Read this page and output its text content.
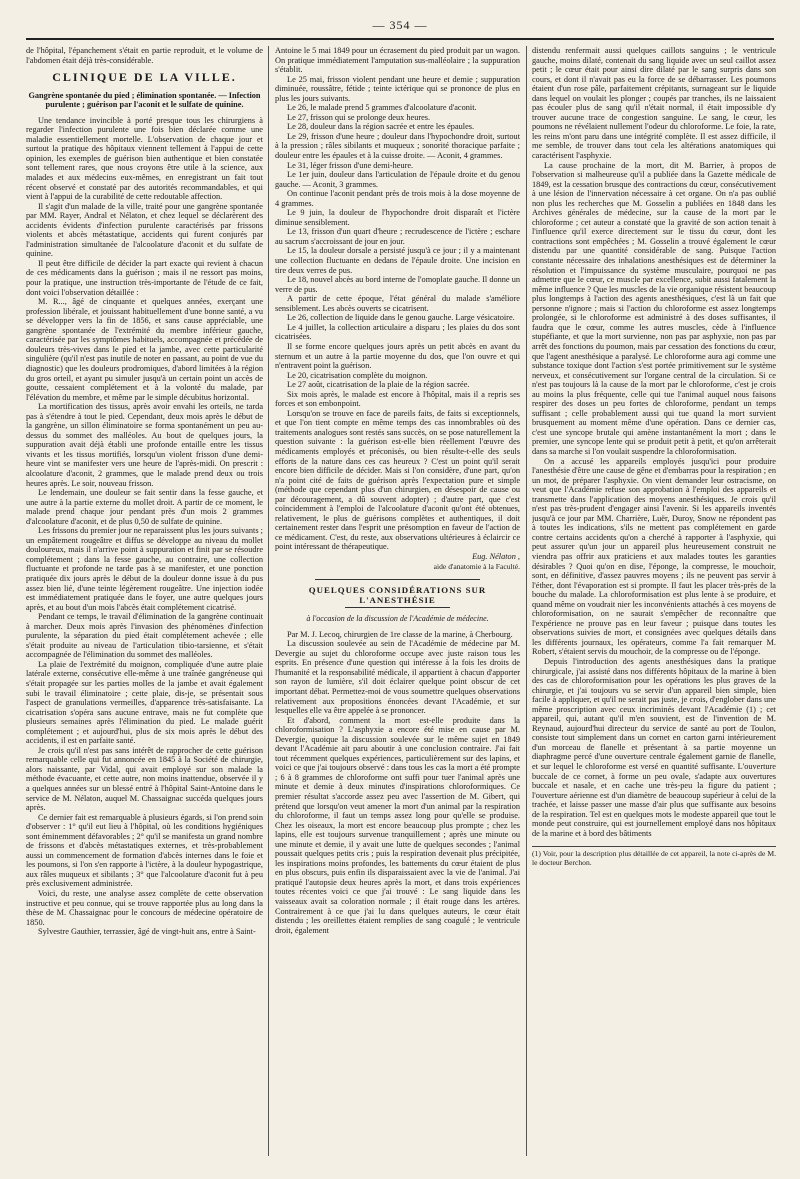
— 354 —

de l'hôpital, l'épanchement s'était en partie reproduit, et le volume de l'abdomen était déjà très-considérable.

CLINIQUE DE LA VILLE.

Gangrène spontanée du pied ; élimination spontanée. — Infection purulente ; guérison par l'aconit et le sulfate de quinine.

Une tendance invincible à porté presque tous les chirurgiens à regarder l'infection purulente une fois bien déclarée comme une maladie essentiellement mortelle. L'observation de chaque jour et surtout la pratique des hôpitaux viennent tellement à l'appui de cette opinion, les exemples de guérison bien authentique et bien constatée sont tellement rares, que nous croyons être utile à la science, aux malades et aux médecins eux-mêmes, en enregistrant un fait tout récent observé et constaté par des autorités recommandables, et qui vient à l'appui de la curabilité de cette redoutable affection.

Il s'agit d'un malade de la ville, traité pour une gangrène spontanée par MM. Rayer, Andral et Nélaton, et chez lequel se déclarèrent des accidents évidents d'infection purulente caractérisés par frissons violents et abcès métastatique, accidents qui furent conjurés par l'administration simultanée de l'alcoolature d'aconit et du sulfate de quinine.

Il peut être difficile de décider la part exacte qui revient à chacun de ces médicaments dans la guérison ; mais il ne ressort pas moins, pour la pratique, une instruction très-importante de l'étude de ce fait, dont voici l'observation détaillée :

M. R..., âgé de cinquante et quelques années, exerçant une profession libérale, et jouissant habituellement d'une bonne santé, a vu se développer vers la fin de 1856, et sans cause appréciable, une gangrène spontanée de l'extrémité du membre inférieur gauche, caractérisée par les symptômes habituels, accompagnée et précédée de douleurs très-vives dans le pied et la jambe, avec cette particularité singulière (qu'il n'est pas inutile de noter en passant, au point de vue du diagnostic) que les douleurs prodromiques, d'abord limitées à la région du gros orteil, et ayant pu simuler jusqu'à un certain point un accès de goutte, cessaient complétement et à la volonté du malade, par l'élévation du membre, et même par le simple décubitus horizontal.

La mortification des tissus, après avoir envahi les orteils, ne tarda pas à s'étendre à tout le pied. Cependant, deux mois après le début de la gangrène, un sillon éliminatoire se forma spontanément un peu au-dessus du sommet des malléoles. Au bout de quelques jours, la suppuration avait déjà établi une profonde entaille entre les tissus vivants et les tissus mortifiés, lorsqu'un violent frisson d'une demi-heure vint se manifester vers une heure de l'après-midi. On prescrit : alcoolature d'aconit, 2 grammes, que le malade prend deux ou trois heures après. Le soir, nouveau frisson.

Le lendemain, une douleur se fait sentir dans la fesse gauche, et une autre à la partie externe du mollet droit. A partir de ce moment, le malade prend chaque jour pendant près d'un mois 2 grammes d'alcoolature d'aconit, et de plus 0,50 de sulfate de quinine.

Les frissons du premier jour ne reparaissent plus les jours suivants ; un empâtement rougeâtre et diffus se développe au niveau du mollet douloureux, mais il n'arrive point à suppuration et finit par se résoudre complétement ; dans la fesse gauche, au contraire, une collection fluctuante et profonde ne tarde pas à se manifester, et une ponction pratiquée dix jours après le début de la douleur donne issue à du pus assez bien lié, d'une teinte légèrement rougeâtre. Une injection iodée est immédiatement pratiquée dans le foyer, une autre quelques jours après, et au bout d'un mois l'abcès était complétement cicatrisé.

Pendant ce temps, le travail d'élimination de la gangrène continuait à marcher. Deux mois après l'invasion des phénomènes d'infection purulente, la séparation du pied était complétement achevée ; elle s'était produite au niveau de l'articulation tibio-tarsienne, et s'était accompagnée de l'élimination du sommet des malléoles.

La plaie de l'extrémité du moignon, compliquée d'une autre plaie latérale externe, consécutive elle-même à une traînée gangréneuse qui s'était propagée sur les parties molles de la jambe et avait également subi le travail éliminatoire ; cette plaie, dis-je, se présentait sous l'aspect de granulations vermeilles, d'apparence très-satisfaisante. La cicatrisation s'opéra sans aucune entrave, mais ne fut complète que plusieurs semaines après l'élimination du pied. Le malade guérit complétement ; et aujourd'hui, plus de six mois après le début des accidents, il est en parfaite santé.

Je crois qu'il n'est pas sans intérêt de rapprocher de cette guérison remarquable celle qui fut annoncée en 1845 à la Société de chirurgie, alors naissante, par Vidal, qui avait employé sur son malade la méthode évacuante, et cette autre, non moins inattendue, observée il y a quelques années sur un blessé entré à l'hôpital Saint-Antoine dans le service de M. Nélaton, auquel M. Chassaignac succéda quelques jours après.

Ce dernier fait est remarquable à plusieurs égards, si l'on prend soin d'observer : 1° qu'il eut lieu à l'hôpital, où les conditions hygiéniques sont éminemment défavorables ; 2° qu'il se manifesta un grand nombre de frissons et d'abcès métastatiques externes, et très-probablement aussi un commencement de formation d'abcès internes dans le foie et les poumons, si l'on s'en rapporte à l'ictère, à la douleur hypogastrique, aux râles muqueux et sibilants ; 3° que l'alcoolature d'aconit fut à peu près exclusivement administrée.

Voici, du reste, une analyse assez complète de cette observation instructive et peu connue, qui se trouve rapportée plus au long dans la thèse de M. Chassaignac pour le concours de médecine opératoire de 1850.

Sylvestre Gauthier, terrassier, âgé de vingt-huit ans, entre à Saint-

Antoine le 5 mai 1849 pour un écrasement du pied produit par un wagon. On pratique immédiatement l'amputation sus-malléolaire ; la suppuration s'établit.

Le 25 mai, frisson violent pendant une heure et demie ; suppuration diminuée, roussâtre, fétide ; teinte ictérique qui se prononce de plus en plus les jours suivants.

Le 26, le malade prend 5 grammes d'alcoolature d'aconit.

Le 27, frisson qui se prolonge deux heures.

Le 28, douleur dans la région sacrée et entre les épaules.

Le 29, frisson d'une heure ; douleur dans l'hypochondre droit, surtout à la pression ; râles sibilants et muqueux ; sonorité thoracique parfaite ; douleur entre les épaules et à la cuisse droite. — Aconit, 4 grammes.

Le 31, léger frisson d'une demi-heure.

Le 1er juin, douleur dans l'articulation de l'épaule droite et du genou gauche. — Aconit, 3 grammes.

On continue l'aconit pendant près de trois mois à la dose moyenne de 4 grammes.

Le 9 juin, la douleur de l'hypochondre droit disparaît et l'ictère diminue sensiblement.

Le 13, frisson d'un quart d'heure ; recrudescence de l'ictère ; eschare au sacrum s'accroissant de jour en jour.

Le 15, la douleur dorsale a persisté jusqu'à ce jour ; il y a maintenant une collection fluctuante en dedans de l'épaule droite. Une incision en tire deux verres de pus.

Le 18, nouvel abcès au bord interne de l'omoplate gauche. Il donne un verre de pus.

A partir de cette époque, l'état général du malade s'améliore sensiblement. Les abcès ouverts se cicatrisent.

Le 26, collection de liquide dans le genou gauche. Large vésicatoire.

Le 4 juillet, la collection articulaire a disparu ; les plaies du dos sont cicatrisées.

Il se forme encore quelques jours après un petit abcès en avant du sternum et un autre à la partie moyenne du dos, que l'on ouvre et qui n'entravent point la guérison.

Le 20, cicatrisation complète du moignon.

Le 27 août, cicatrisation de la plaie de la région sacrée.

Six mois après, le malade est encore à l'hôpital, mais il a repris ses forces et son embonpoint.

Lorsqu'on se trouve en face de pareils faits, de faits si exceptionnels, et que l'on tient compte en même temps des cas innombrables où des traitements analogues sont restés sans succès, on se pose naturellement la question suivante : la guérison est-elle bien réellement l'œuvre des médicaments employés et préconisés, ou bien résulte-t-elle des seuls efforts de la nature dans ces cas heureux ? C'est un point qu'il serait encore bien difficile de décider. Mais si l'on considère, d'une part, qu'on n'a point cité de faits de guérison après l'expectation pure et simple (méthode que cependant plus d'un chirurgien, en désespoir de cause ou par découragement, a dû souvent adopter) ; d'autre part, que c'est coïncidemment à l'emploi de l'alcoolature d'aconit qu'ont été obtenues, relativement, le plus de guérisons complètes et authentiques, il doit certainement rester dans l'esprit une présomption en faveur de l'action de ce médicament. C'est, du reste, aux observations ultérieures à éclaircir ce point intéressant de thérapeutique.

Eug. Nélaton ,

aide d'anatomie à la Faculté.

QUELQUES CONSIDÉRATIONS SUR L'ANESTHÉSIE
à l'occasion de la discussion de l'Académie de médecine.

Par M. J. Lecoq, chirurgien de 1re classe de la marine, à Cherbourg.

La discussion soulevée au sein de l'Académie de médecine par M. Devergie au sujet du chloroforme occupe avec juste raison tous les esprits. En présence d'une question qui intéresse à la fois les droits de l'humanité et la responsabilité médicale, il appartient à chacun d'apporter son rayon de lumière, s'il doit éclairer quelque point obscur de cet important débat. Permettez-moi de vous soumettre quelques observations relativement aux propositions énoncées devant l'Académie, et sur lesquelles elle va être appelée à se prononcer.

Et d'abord, comment la mort est-elle produite dans la chloroformisation ? L'asphyxie a encore été mise en cause par M. Devergie, quoique la discussion soulevée sur le même sujet en 1849 devant l'Académie ait paru aboutir à une conclusion contraire. J'ai fait tout récemment quelques expériences, particulièrement sur des lapins, et voici ce que j'ai toujours observé : dans tous les cas la mort a été prompte ; 6 à 8 grammes de chloroforme ont suffi pour tuer l'animal après une minute et demie à deux minutes d'inspirations chloroformiques. Ce premier résultat s'accorde assez peu avec l'assertion de M. Gibert, qui prétend que lorsqu'on veut amener la mort d'un animal par la respiration du chloroforme, il faut un temps assez long pour qu'elle se produise. Chez les oiseaux, la mort est encore beaucoup plus prompte ; chez les lapins, elle est toujours survenue tranquillement ; après une minute ou une minute et demie, il y avait une lutte de quelques secondes ; l'animal poussait quelques petits cris ; puis la respiration devenait plus précipitée, les inspirations moins profondes, les battements du cœur étaient de plus en plus obscurs, puis enfin ils disparaissaient avec la vie de l'animal. J'ai pratiqué l'autopsie deux heures après la mort, et dans trois expériences toutes récentes voici ce que j'ai trouvé : Le sang liquide dans les vaisseaux avait sa coloration normale ; il était rouge dans les artères. Contrairement à ce que j'ai lu dans quelques auteurs, le cœur était distendu ; les oreillettes étaient remplies de sang coagulé ; le ventricule droit, également

distendu renfermait aussi quelques caillots sanguins ; le ventricule gauche, moins dilaté, contenait du sang liquide avec un seul caillot assez petit ; le cœur était pour ainsi dire dilaté par le sang surpris dans son cours, et dont il n'avait pas eu la force de se débarrasser. Les poumons étaient d'un rose pâle, parfaitement crépitants, surnageant sur le liquide dans lequel on voulait les plonger ; coupés par tranches, ils ne laissaient pas écouler plus de sang qu'il n'était normal, il était impossible d'y trouver aucune trace de congestion sanguine. Le sang, le cœur, les poumons ne révélaient nullement l'odeur du chloroforme. Le foie, la rate, les reins m'ont paru dans une intégrité complète. Il est assez difficile, il me semble, de trouver dans tout cela les altérations anatomiques qui caractérisent l'asphyxie.

La cause prochaine de la mort, dit M. Barrier, à propos de l'observation si malheureuse qu'il a publiée dans la Gazette médicale de 1849, est la cessation brusque des contractions du cœur, consécutivement à une lésion de l'innervation nécessaire à cet organe. On n'a pas oublié non plus les recherches que M. Gosselin a publiées en 1848 dans les Archives générales de médecine, sur la cause de la mort par le chloroforme ; cet auteur a constaté que la gravité de son action tenait à l'influence qu'il exerce directement sur le tissu du cœur, dont les contractions sont empêchées ; M. Gosselin a trouvé également le cœur distendu par une quantité considérable de sang. Puisque l'action constante nécessaire des inhalations anesthésiques est de déterminer la résolution et l'impuissance du système musculaire, pourquoi ne pas admettre que le cœur, ce muscle par excellence, subit aussi fatalement la même influence ? Que les muscles de la vie organique résistent beaucoup plus longtemps à l'action des agents anesthésiques, c'est là un fait que personne n'ignore ; mais si l'action du chloroforme est assez longtemps prolongée, si le chloroforme est administré à des doses suffisantes, il faudra que le cœur, comme les autres muscles, cède à l'influence stupéfiante, et que la mort survienne, non pas par asphyxie, non pas par arrêt des fonctions du poumon, mais par cessation des fonctions du cœur, que l'agent anesthésique a paralysé. Le chloroforme aura agi comme une substance toxique dont l'action s'est portée primitivement sur le système nerveux, et consécutivement sur l'organe central de la circulation. Si ce n'est pas toujours là la cause de la mort par le chloroforme, c'est je crois au moins la plus fréquente, celle qui tue l'animal auquel nous faisons respirer des doses un peu fortes de chloroforme, pendant un temps suffisant ; celle probablement aussi qui tue quand la mort survient brusquement au moment même d'une opération. Dans ce dernier cas, c'est une syncope brutale qui amène instantanément la mort ; dans le premier, une syncope lente qui se produit petit à petit, et qu'on arrêterait dans sa marche si l'on voulait suspendre la chloroformisation.

On a accusé les appareils employés jusqu'ici pour produire l'anesthésie d'être une cause de gêne et d'embarras pour la respiration ; en un mot, de préparer l'asphyxie. On vient demander leur ostracisme, on veut que l'Académie refuse son approbation à l'emploi des appareils et transmette dans l'application des moyens anesthésiques. Je crois qu'il n'est pas très-prudent d'engager ainsi l'avenir. Si les appareils inventés jusqu'à ce jour par MM. Charrière, Luër, Duroy, Snow ne répondent pas à toutes les indications, s'ils ne mettent pas complétement en garde contre certains accidents qu'on a cherché à rapporter à l'asphyxie, qui peut assurer qu'un jour un appareil plus heureusement construit ne viendra pas offrir aux praticiens et aux malades toutes les garanties désirables ? Quoi qu'on en dise, l'éponge, la compresse, le mouchoir, sont, en définitive, d'assez pauvres moyens ; ils ne peuvent pas servir à l'éther, dont l'évaporation est si prompte. Il faut les placer très-près de la bouche du malade. La chloroformisation est plus lente à se produire, et quand même on voudrait nier les inconvénients attachés à ces moyens de chloroformisation, on ne saurait s'empêcher de reconnaître que l'expérience ne prouve pas en leur faveur ; puisque dans toutes les observations suivies de mort, et consignées avec quelques détails dans les différents journaux, les opérateurs, comme l'a fait remarquer M. Robert, s'étaient servis du mouchoir, de la compresse ou de l'éponge.

Depuis l'introduction des agents anesthésiques dans la pratique chirurgicale, j'ai assisté dans nos différents hôpitaux de la marine à bien des cas de chloroformisation pour les opérations les plus graves de la chirurgie, et j'ai toujours vu se servir d'un appareil bien simple, bien facile à appliquer, et qu'il ne serait pas juste, je crois, d'englober dans une même proscription avec ceux incriminés devant l'Académie (1) ; cet appareil, qui, autant qu'il m'en souvient, est de l'invention de M. Reynaud, aujourd'hui directeur du service de santé au port de Toulon, consiste tout simplement dans un cornet en carton garni intérieurement d'un morceau de flanelle et présentant à sa partie moyenne un diaphragme percé d'une ouverture centrale également garnie de flanelle, et sur lequel le chloroforme est versé en quantité suffisante. L'ouverture buccale de ce cornet, à forme un peu ovale, s'adapte aux ouvertures buccale et nasale, et en cache une très-peu la figure du patient ; l'ouverture aérienne est d'un diamètre de beaucoup supérieur à celui de la trachée, et laisse passer une masse d'air plus que suffisante aux besoins de la respiration. Tel est en quelques mots le modeste appareil que tout le monde peut construire, qui est journellement employé dans nos hôpitaux de la marine et à bord des bâtiments

(1) Voir, pour la description plus détaillée de cet appareil, la note ci-après de M. le docteur Berchon.
